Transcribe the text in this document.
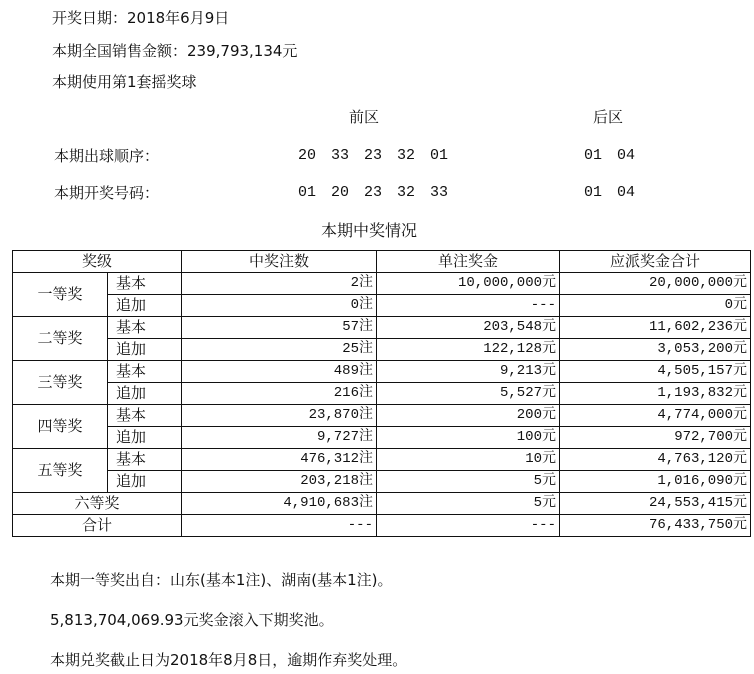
开奖日期：2018年6月9日
本期全国销售金额：239,793,134元
本期使用第1套摇奖球
前区	后区
本期出球顺序：	20 33 23 32 01	01 04
本期开奖号码：	01 20 23 32 33	01 04
本期中奖情况
奖级		中奖注数	单注奖金	应派奖金合计
一等奖	基本	2注	10,000,000元	20,000,000元
	追加	0注	---	0元
二等奖	基本	57注	203,548元	11,602,236元
	追加	25注	122,128元	3,053,200元
三等奖	基本	489注	9,213元	4,505,157元
	追加	216注	5,527元	1,193,832元
四等奖	基本	23,870注	200元	4,774,000元
	追加	9,727注	100元	972,700元
五等奖	基本	476,312注	10元	4,763,120元
	追加	203,218注	5元	1,016,090元
六等奖		4,910,683注	5元	24,553,415元
合计		---	---	76,433,750元
本期一等奖出自：山东(基本1注)、湖南(基本1注)。
5,813,704,069.93元奖金滚入下期奖池。
本期兑奖截止日为2018年8月8日，逾期作弃奖处理。
